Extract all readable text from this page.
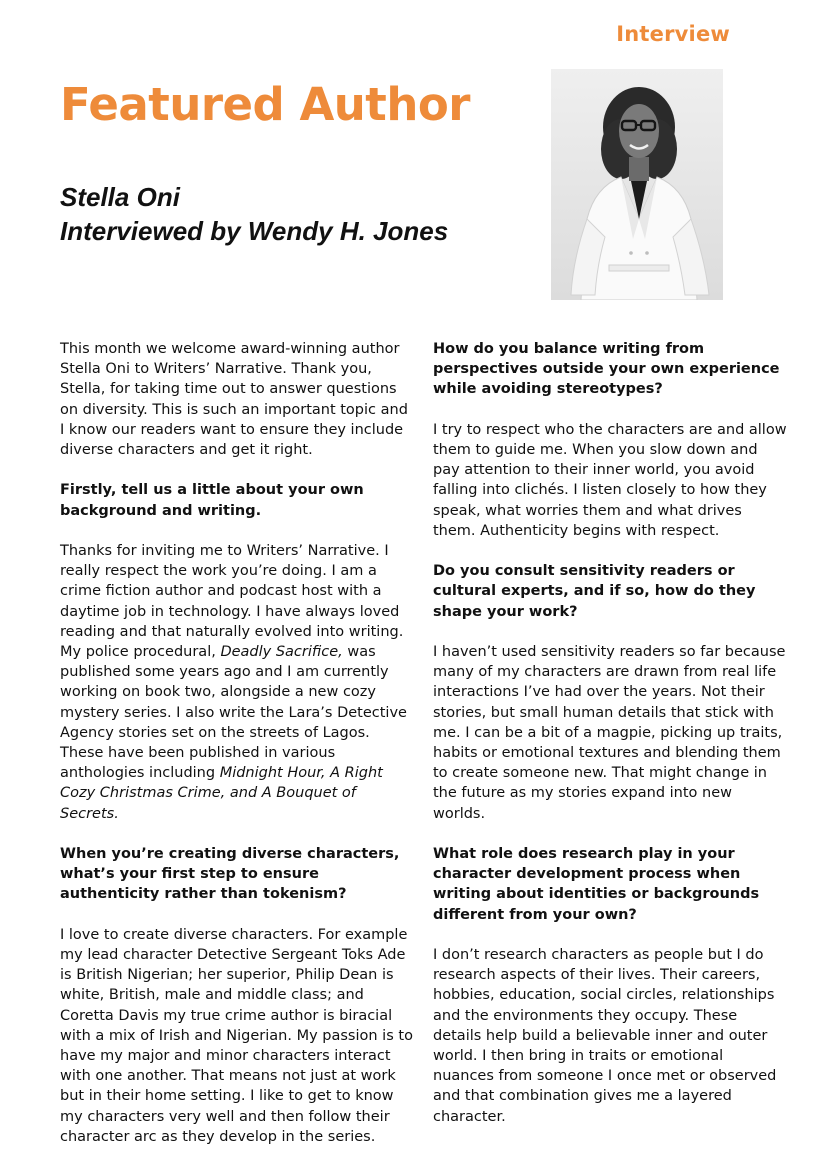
Interview
Featured Author
Stella Oni
Interviewed by Wendy H. Jones

This month we welcome award-winning author Stella Oni to Writers’ Narrative. Thank you, Stella, for taking time out to answer questions on diversity. This is such an important topic and I know our readers want to ensure they include diverse characters and get it right.

Firstly, tell us a little about your own background and writing.

Thanks for inviting me to Writers’ Narrative. I really respect the work you’re doing. I am a crime fiction author and podcast host with a daytime job in technology. I have always loved reading and that naturally evolved into writing. My police procedural, Deadly Sacrifice, was published some years ago and I am currently working on book two, alongside a new cozy mystery series. I also write the Lara’s Detective Agency stories set on the streets of Lagos. These have been published in various anthologies including Midnight Hour, A Right Cozy Christmas Crime, and A Bouquet of Secrets.

When you’re creating diverse characters, what’s your first step to ensure authenticity rather than tokenism?

I love to create diverse characters. For example my lead character Detective Sergeant Toks Ade is British Nigerian; her superior, Philip Dean is white, British, male and middle class; and Coretta Davis my true crime author is biracial with a mix of Irish and Nigerian. My passion is to have my major and minor characters interact with one another. That means not just at work but in their home setting. I like to get to know my characters very well and then follow their character arc as they develop in the series.

How do you balance writing from perspectives outside your own experience while avoiding stereotypes?

I try to respect who the characters are and allow them to guide me. When you slow down and pay attention to their inner world, you avoid falling into clichés. I listen closely to how they speak, what worries them and what drives them. Authenticity begins with respect.

Do you consult sensitivity readers or cultural experts, and if so, how do they shape your work?

I haven’t used sensitivity readers so far because many of my characters are drawn from real life interactions I’ve had over the years. Not their stories, but small human details that stick with me. I can be a bit of a magpie, picking up traits, habits or emotional textures and blending them to create someone new. That might change in the future as my stories expand into new worlds.

What role does research play in your character development process when writing about identities or backgrounds different from your own?

I don’t research characters as people but I do research aspects of their lives. Their careers, hobbies, education, social circles, relationships and the environments they occupy. These details help build a believable inner and outer world. I then bring in traits or emotional nuances from someone I once met or observed and that combination gives me a layered character.
